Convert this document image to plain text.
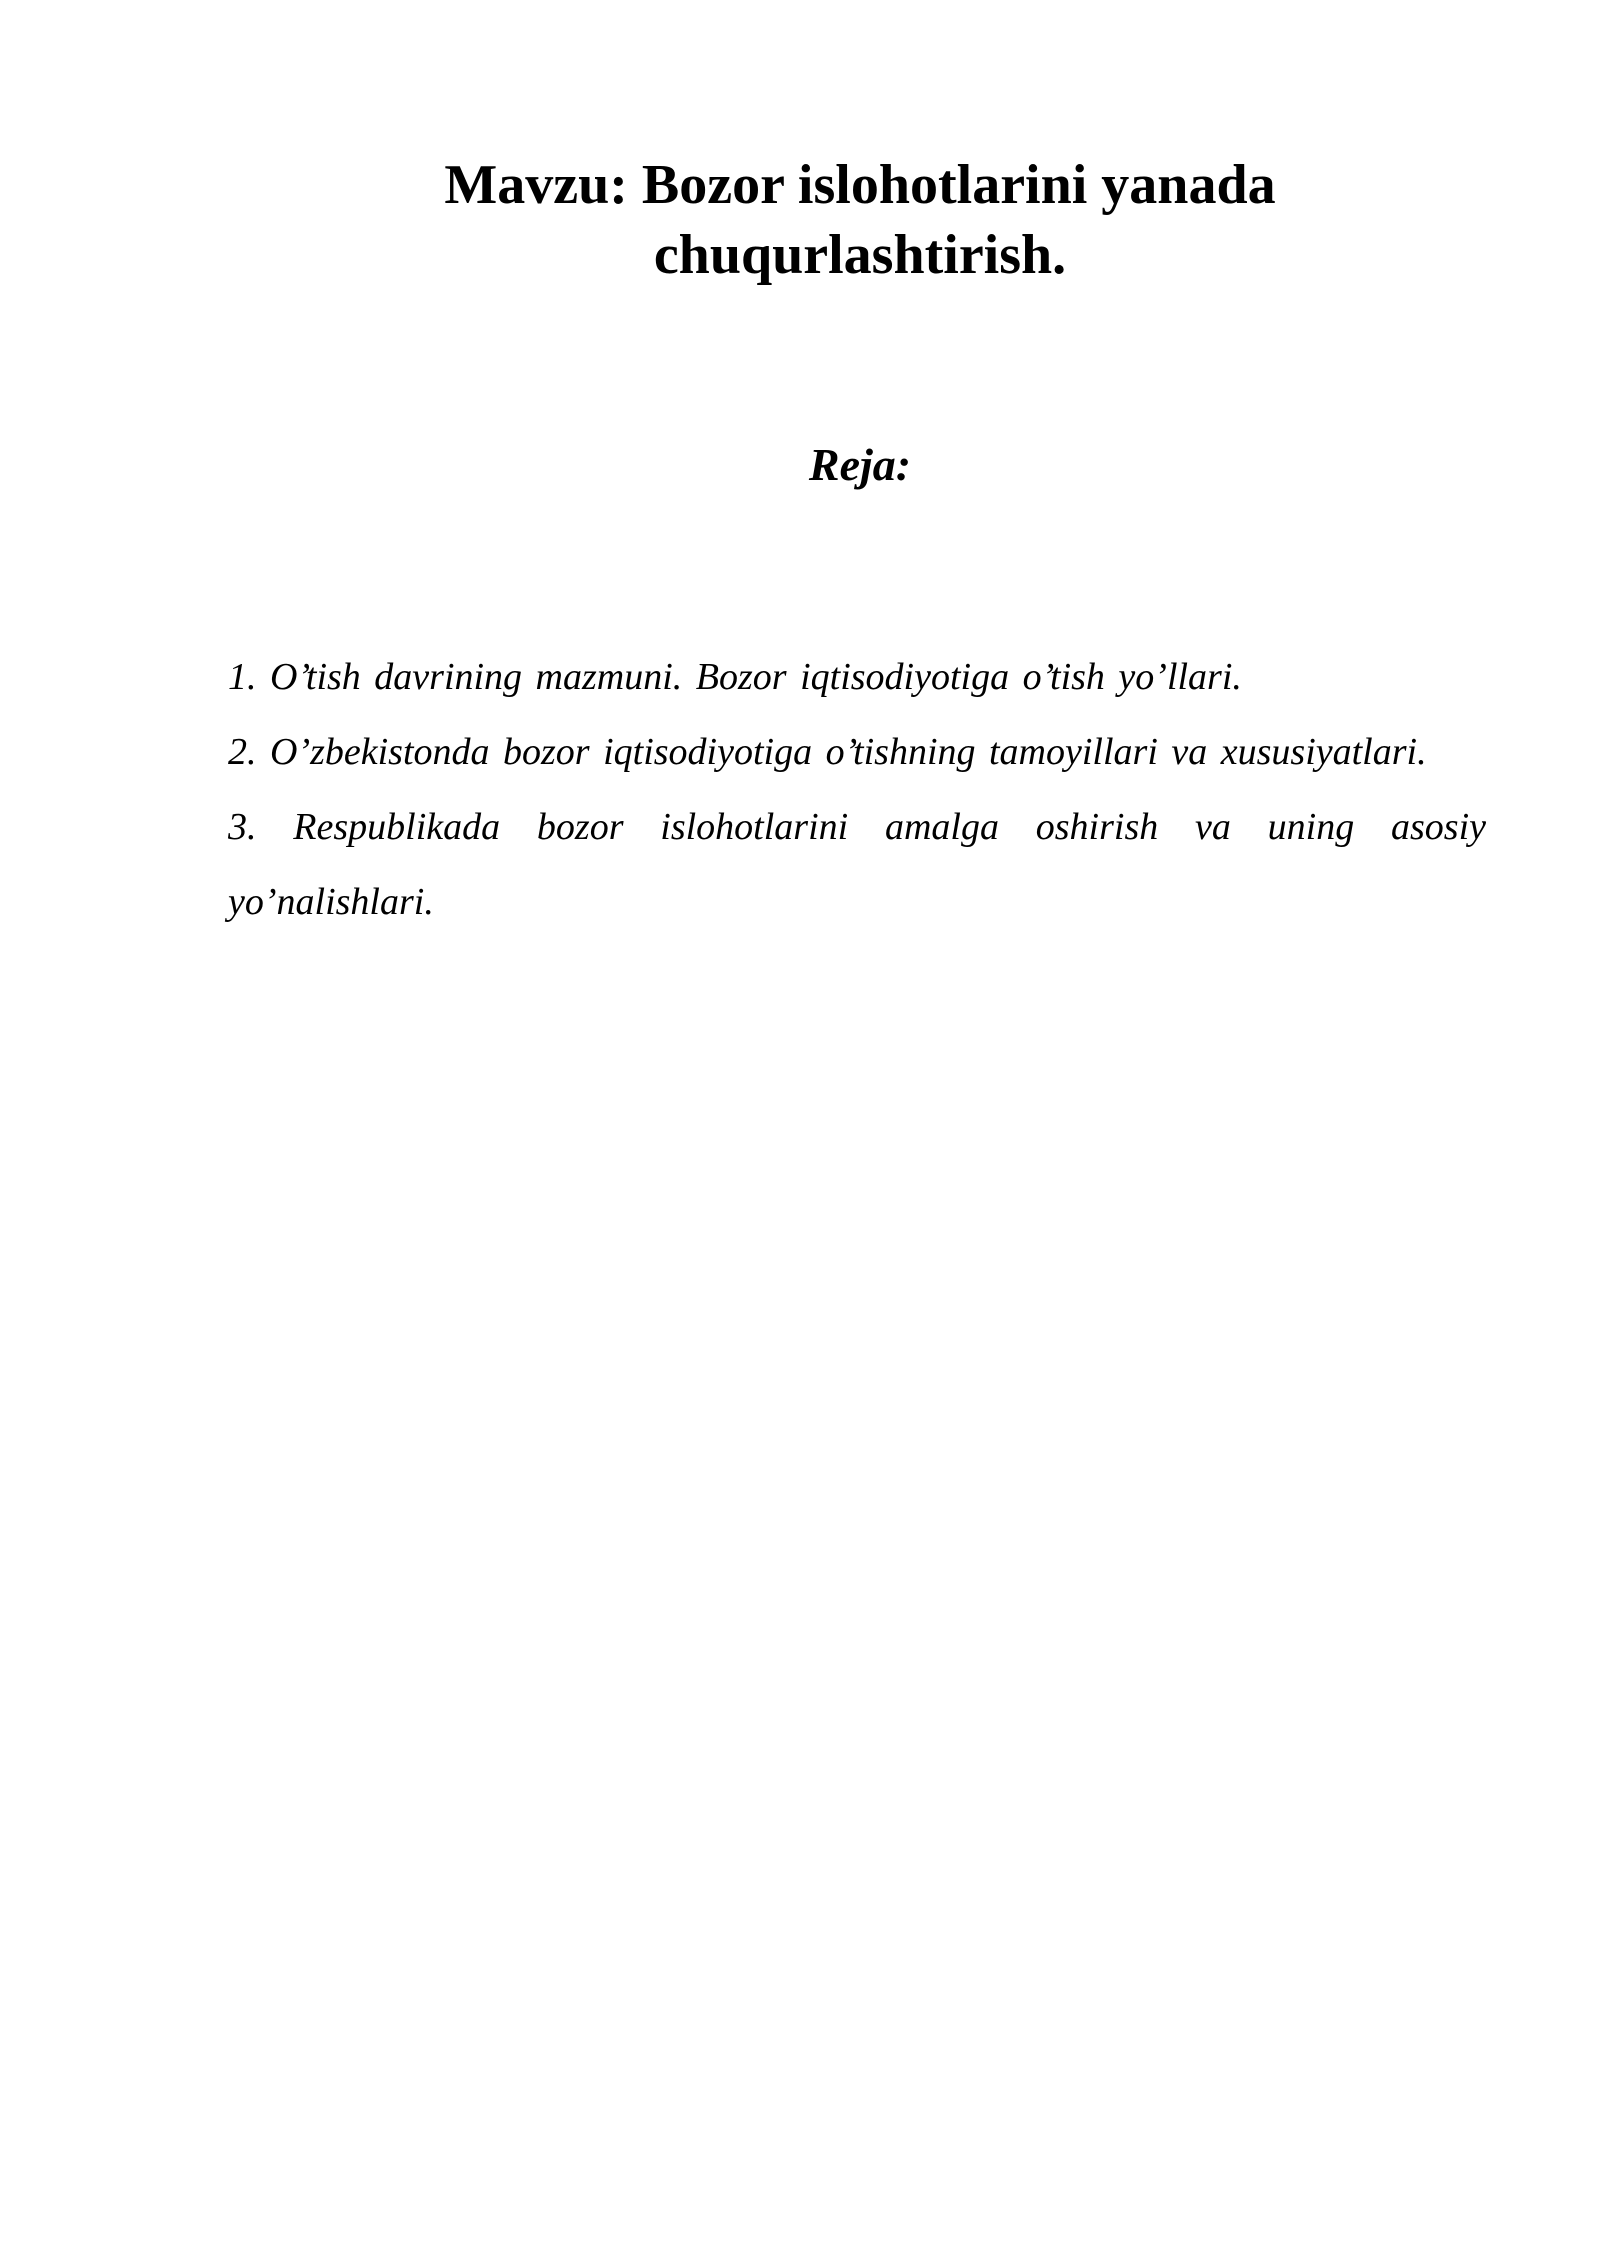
Mavzu: Bozor islohotlarini yanada chuqurlashtirish.
Reja:
1. O’tish davrining mazmuni. Bozor iqtisodiyotiga o’tish yo’llari.
2. O’zbekistonda bozor iqtisodiyotiga o’tishning tamoyillari va xususiyatlari.
3. Respublikada bozor islohotlarini amalga oshirish va uning asosiy yo’nalishlari.
